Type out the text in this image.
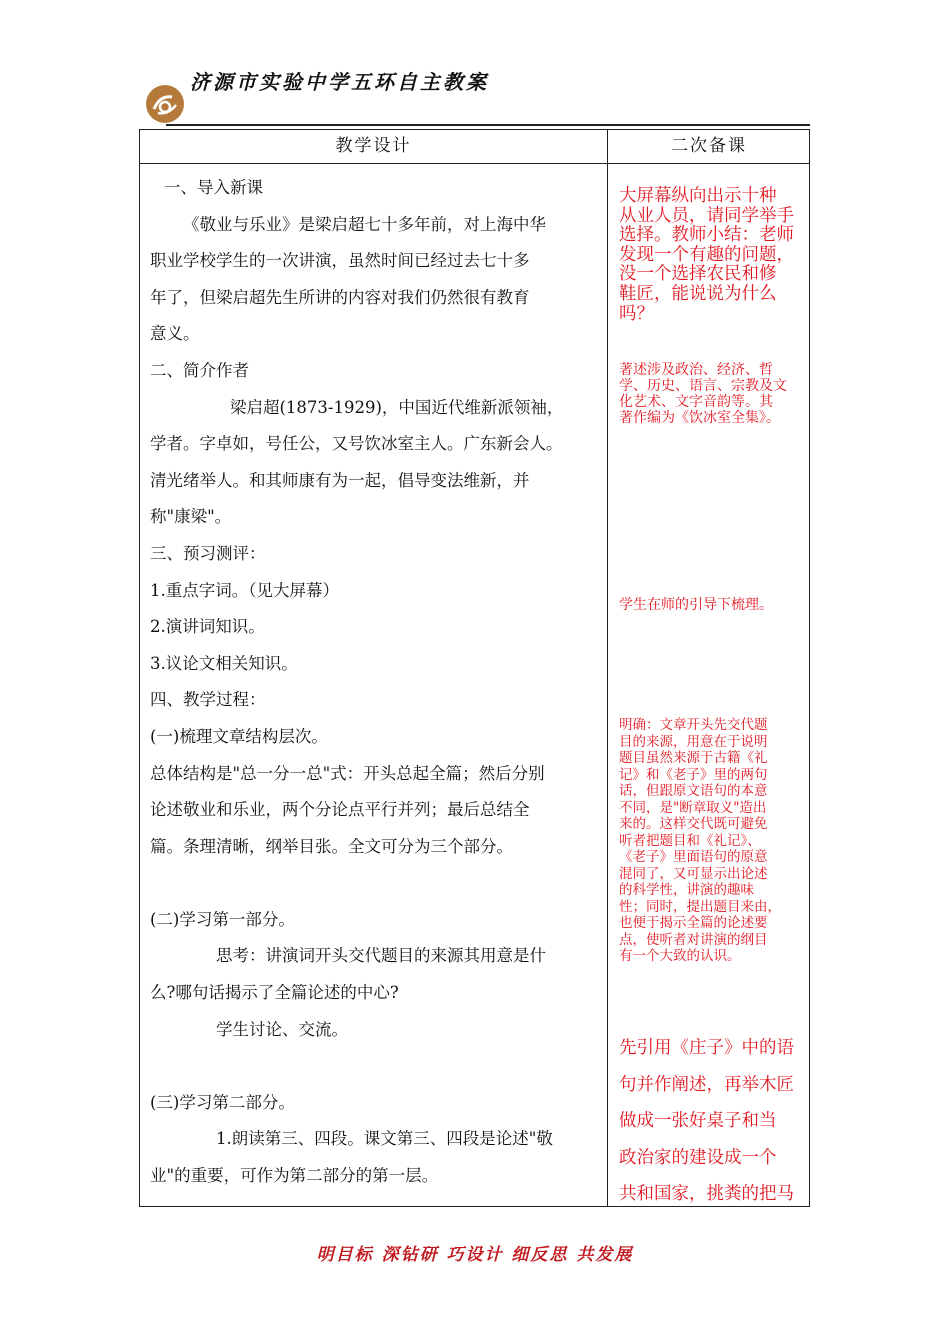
济源市实验中学五环自主教案
教学设计	二次备课

一、导入新课

《敬业与乐业》是梁启超七十多年前，对上海中华

职业学校学生的一次讲演，虽然时间已经过去七十多

年了，但梁启超先生所讲的内容对我们仍然很有教育

意义。

二、简介作者

梁启超(1873-1929)，中国近代维新派领袖，

学者。字卓如，号任公，又号饮冰室主人。广东新会人。

清光绪举人。和其师康有为一起，倡导变法维新，并

称"康梁"。

三、预习测评：

1.重点字词。（见大屏幕）

2.演讲词知识。

3.议论文相关知识。

四、教学过程：

(一)梳理文章结构层次。

总体结构是"总一分一总"式：开头总起全篇；然后分别

论述敬业和乐业，两个分论点平行并列；最后总结全

篇。条理清晰，纲举目张。全文可分为三个部分。

(二)学习第一部分。

思考：讲演词开头交代题目的来源其用意是什

么?哪句话揭示了全篇论述的中心?

学生讨论、交流。

(三)学习第二部分。

1.朗读第三、四段。课文第三、四段是论述"敬

业"的重要，可作为第二部分的第一层。

大屏幕纵向出示十种
从业人员，请同学举手
选择。教师小结：老师
发现一个有趣的问题，
没一个选择农民和修
鞋匠，能说说为什么
吗？
著述涉及政治、经济、哲
学、历史、语言、宗教及文
化艺术、文字音韵等。其
著作编为《饮冰室全集》。
学生在师的引导下梳理。
明确：文章开头先交代题
目的来源，用意在于说明
题目虽然来源于古籍《礼
记》和《老子》里的两句
话，但跟原文语句的本意
不同，是"断章取义"造出
来的。这样交代既可避免
听者把题目和《礼记》、
《老子》里面语句的原意
混同了，又可显示出论述
的科学性，讲演的趣味
性；同时，提出题目来由，
也便于揭示全篇的论述要
点，使听者对讲演的纲目
有一个大致的认识。
先引用《庄子》中的语
句并作阐述，再举木匠
做成一张好桌子和当
政治家的建设成一个
共和国家，挑粪的把马
明目标 深钻研 巧设计 细反思 共发展
